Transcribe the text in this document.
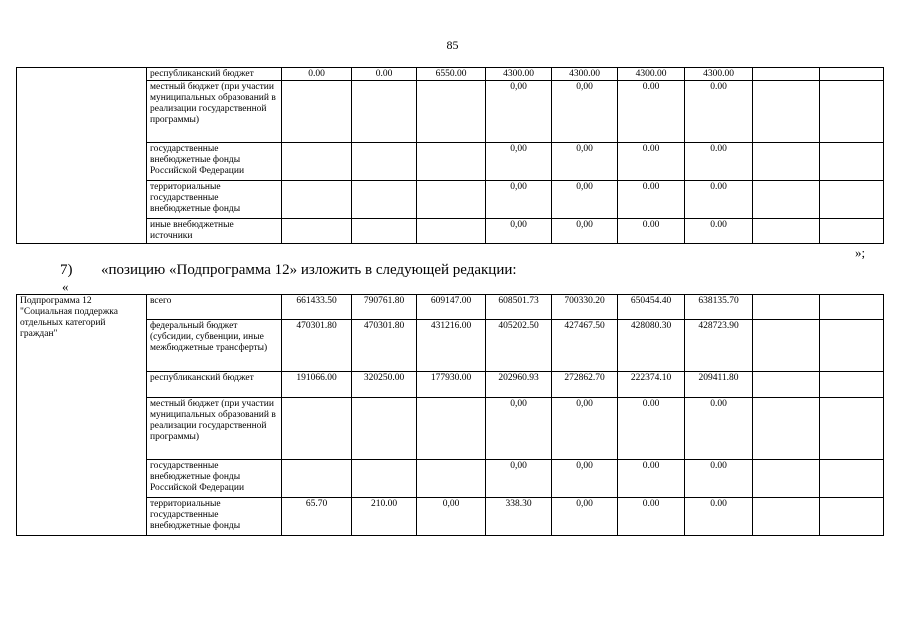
85
	республиканский бюджет	0.00	0.00	6550.00	4300.00	4300.00	4300.00	4300.00		
	местный бюджет (при участии муниципальных образований в реализации государственной программы)				0,00	0,00	0.00	0.00		
	государственные внебюджетные фонды Российской Федерации				0,00	0,00	0.00	0.00		
	территориальные государственные внебюджетные фонды				0,00	0,00	0.00	0.00		
	иные внебюджетные источники				0,00	0,00	0.00	0.00		
»;
7) «позицию «Подпрограмма 12» изложить в следующей редакции:
«
Подпрограмма 12 "Социальная поддержка отдельных категорий граждан"	всего	661433.50	790761.80	609147.00	608501.73	700330.20	650454.40	638135.70		
	федеральный бюджет (субсидии, субвенции, иные межбюджетные трансферты)	470301.80	470301.80	431216.00	405202.50	427467.50	428080.30	428723.90		
	республиканский бюджет	191066.00	320250.00	177930.00	202960.93	272862.70	222374.10	209411.80		
	местный бюджет (при участии муниципальных образований в реализации государственной программы)				0,00	0,00	0.00	0.00		
	государственные внебюджетные фонды Российской Федерации				0,00	0,00	0.00	0.00		
	территориальные государственные внебюджетные фонды	65.70	210.00	0,00	338.30	0,00	0.00	0.00		
